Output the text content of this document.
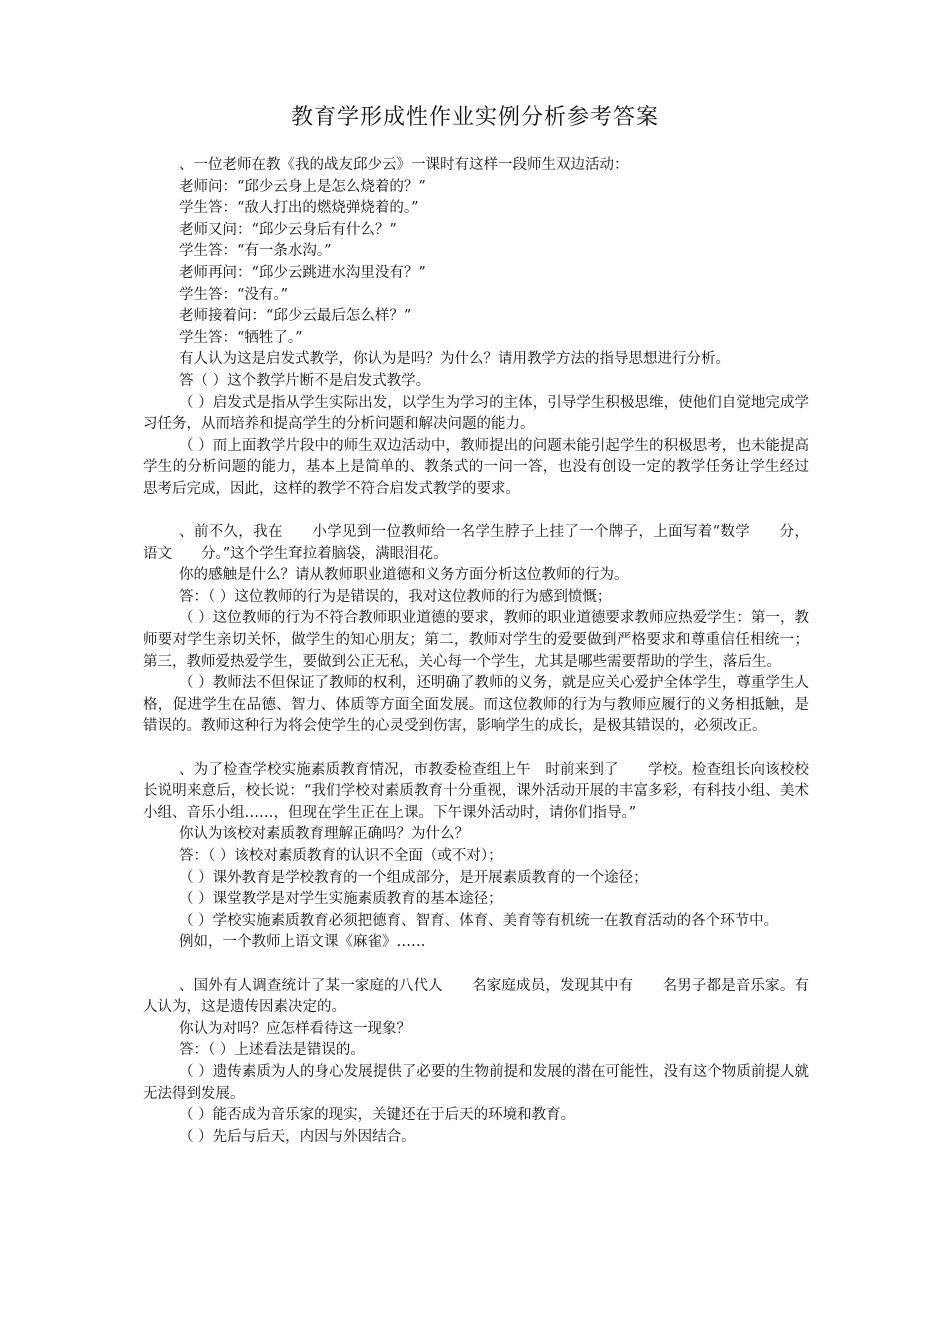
教育学形成性作业实例分析参考答案

、一位老师在教《我的战友邱少云》一课时有这样一段师生双边活动：

老师问：“邱少云身上是怎么烧着的？”

学生答：“敌人打出的燃烧弹烧着的。”

老师又问：“邱少云身后有什么？”

学生答：“有一条水沟。”

老师再问：“邱少云跳进水沟里没有？”

学生答：“没有。”

老师接着问：“邱少云最后怎么样？”

学生答：“牺牲了。”

有人认为这是启发式教学，你认为是吗？为什么？请用教学方法的指导思想进行分析。

答（ ）这个教学片断不是启发式教学。

（ ）启发式是指从学生实际出发，以学生为学习的主体，引导学生积极思维，使他们自觉地完成学习任务，从而培养和提高学生的分析问题和解决问题的能力。

（ ）而上面教学片段中的师生双边活动中，教师提出的问题未能引起学生的积极思考，也未能提高学生的分析问题的能力，基本上是简单的、教条式的一问一答，也没有创设一定的教学任务让学生经过思考后完成，因此，这样的教学不符合启发式教学的要求。

、前不久，我在　　小学见到一位教师给一名学生脖子上挂了一个牌子，上面写着“数学　　分，语文　　分。”这个学生耷拉着脑袋，满眼泪花。

你的感触是什么？请从教师职业道德和义务方面分析这位教师的行为。

答：（ ）这位教师的行为是错误的，我对这位教师的行为感到愤慨；

（ ）这位教师的行为不符合教师职业道德的要求，教师的职业道德要求教师应热爱学生：第一，教师要对学生亲切关怀，做学生的知心朋友；第二，教师对学生的爱要做到严格要求和尊重信任相统一；第三，教师爱热爱学生，要做到公正无私，关心每一个学生，尤其是哪些需要帮助的学生，落后生。

（ ）教师法不但保证了教师的权利，还明确了教师的义务，就是应关心爱护全体学生，尊重学生人格，促进学生在品德、智力、体质等方面全面发展。而这位教师的行为与教师应履行的义务相抵触，是错误的。教师这种行为将会使学生的心灵受到伤害，影响学生的成长，是极其错误的，必须改正。

、为了检查学校实施素质教育情况，市教委检查组上午　时前来到了　　学校。检查组长向该校校长说明来意后，校长说：“我们学校对素质教育十分重视，课外活动开展的丰富多彩，有科技小组、美术小组、音乐小组……，但现在学生正在上课。下午课外活动时，请你们指导。”

你认为该校对素质教育理解正确吗？为什么？

答：（ ）该校对素质教育的认识不全面（或不对）；

（ ）课外教育是学校教育的一个组成部分，是开展素质教育的一个途径；

（ ）课堂教学是对学生实施素质教育的基本途径；

（ ）学校实施素质教育必须把德育、智育、体育、美育等有机统一在教育活动的各个环节中。

例如，一个教师上语文课《麻雀》……

、国外有人调查统计了某一家庭的八代人　　名家庭成员，发现其中有　　名男子都是音乐家。有人认为，这是遗传因素决定的。

你认为对吗？应怎样看待这一现象？

答：（ ）上述看法是错误的。

（ ）遗传素质为人的身心发展提供了必要的生物前提和发展的潜在可能性，没有这个物质前提人就无法得到发展。

（ ）能否成为音乐家的现实，关键还在于后天的环境和教育。

（ ）先后与后天，内因与外因结合。
